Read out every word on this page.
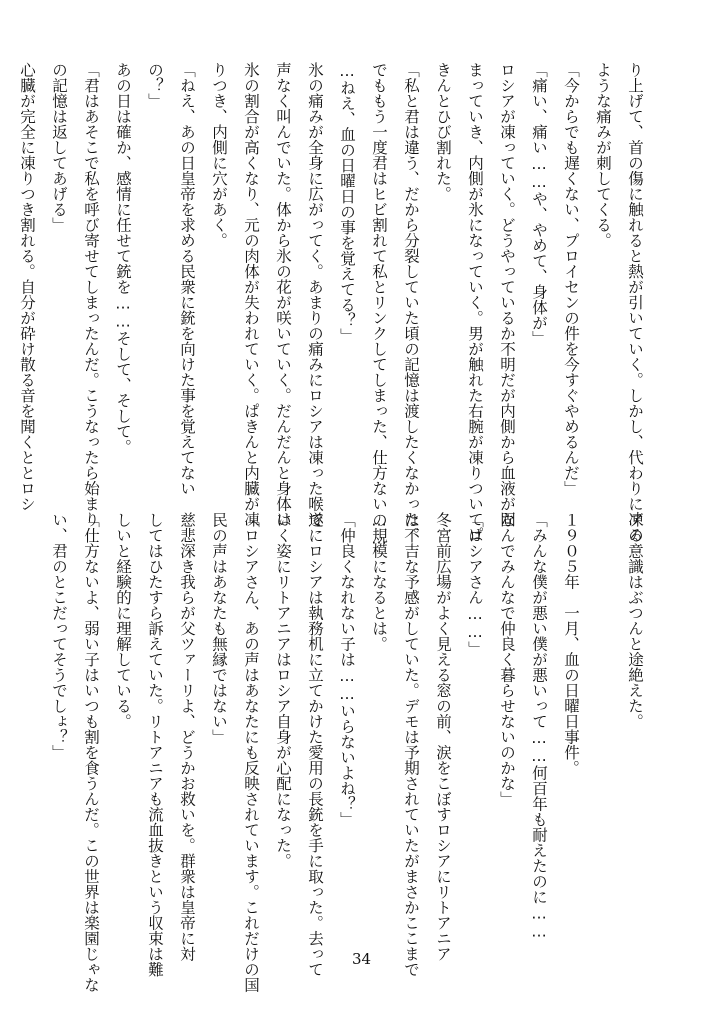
り上げて、首の傷に触れると熱が引いていく。しかし、代わりに凍る
ような痛みが刺してくる。
「今からでも遅くない、プロイセンの件を今すぐやめるんだ」
「痛い、痛い……や、やめて、身体が」
ロシアが凍っていく。どうやっているか不明だが内側から血液が固
まっていき、内側が氷になっていく。男が触れた右腕が凍りついてぱ
きんとひび割れた。
「私と君は違う、だから分裂していた頃の記憶は渡したくなかった。
でももう一度君はヒビ割れて私とリンクしてしまった、仕方ない……
…ねえ、血の日曜日の事を覚えてる？」
氷の痛みが全身に広がってく。あまりの痛みにロシアは凍った喉で
声なく叫んでいた。体から氷の花が咲いていく。だんだんと身体は
氷の割合が高くなり、元の肉体が失われていく。ぱきんと内臓が凍
りつき、内側に穴があく。
「ねえ、あの日皇帝を求める民衆に銃を向けた事を覚えてない
の？」
あの日は確か、感情に任せて銃を……そして、そして。
「君はあそこで私を呼び寄せてしまったんだ。こうなったら始まり
の記憶は返してあげる」
心臓が完全に凍りつき割れる。自分が砕け散る音を聞くととロシ
アの意識はぶつんと途絶えた。

１９０５年　一月、血の日曜日事件。
「みんな僕が悪い僕が悪いって……何百年も耐えたのに……
なんでみんなで仲良く暮らせないのかな」
「ロシアさん……」
冬宮前広場がよく見える窓の前、涙をこぼすロシアにリトアニア
は不吉な予感がしていた。デモは予期されていたがまさかここまで
の規模になるとは。
「仲良くなれない子は……いらないよね？」
遂にロシアは執務机に立てかけた愛用の長銃を手に取った。去って
いく姿にリトアニアはロシア自身が心配になった。
「ロシアさん、あの声はあなたにも反映されています。これだけの国
民の声はあなたも無縁ではない」
慈悲深き我らが父ツァーリよ、どうかお救いを。群衆は皇帝に対
してはひたすら訴えていた。リトアニアも流血抜きという収束は難
しいと経験的に理解している。
「仕方ないよ、弱い子はいつも割を食うんだ。この世界は楽園じゃな
い、君のとこだってそうでしょ？」
34
